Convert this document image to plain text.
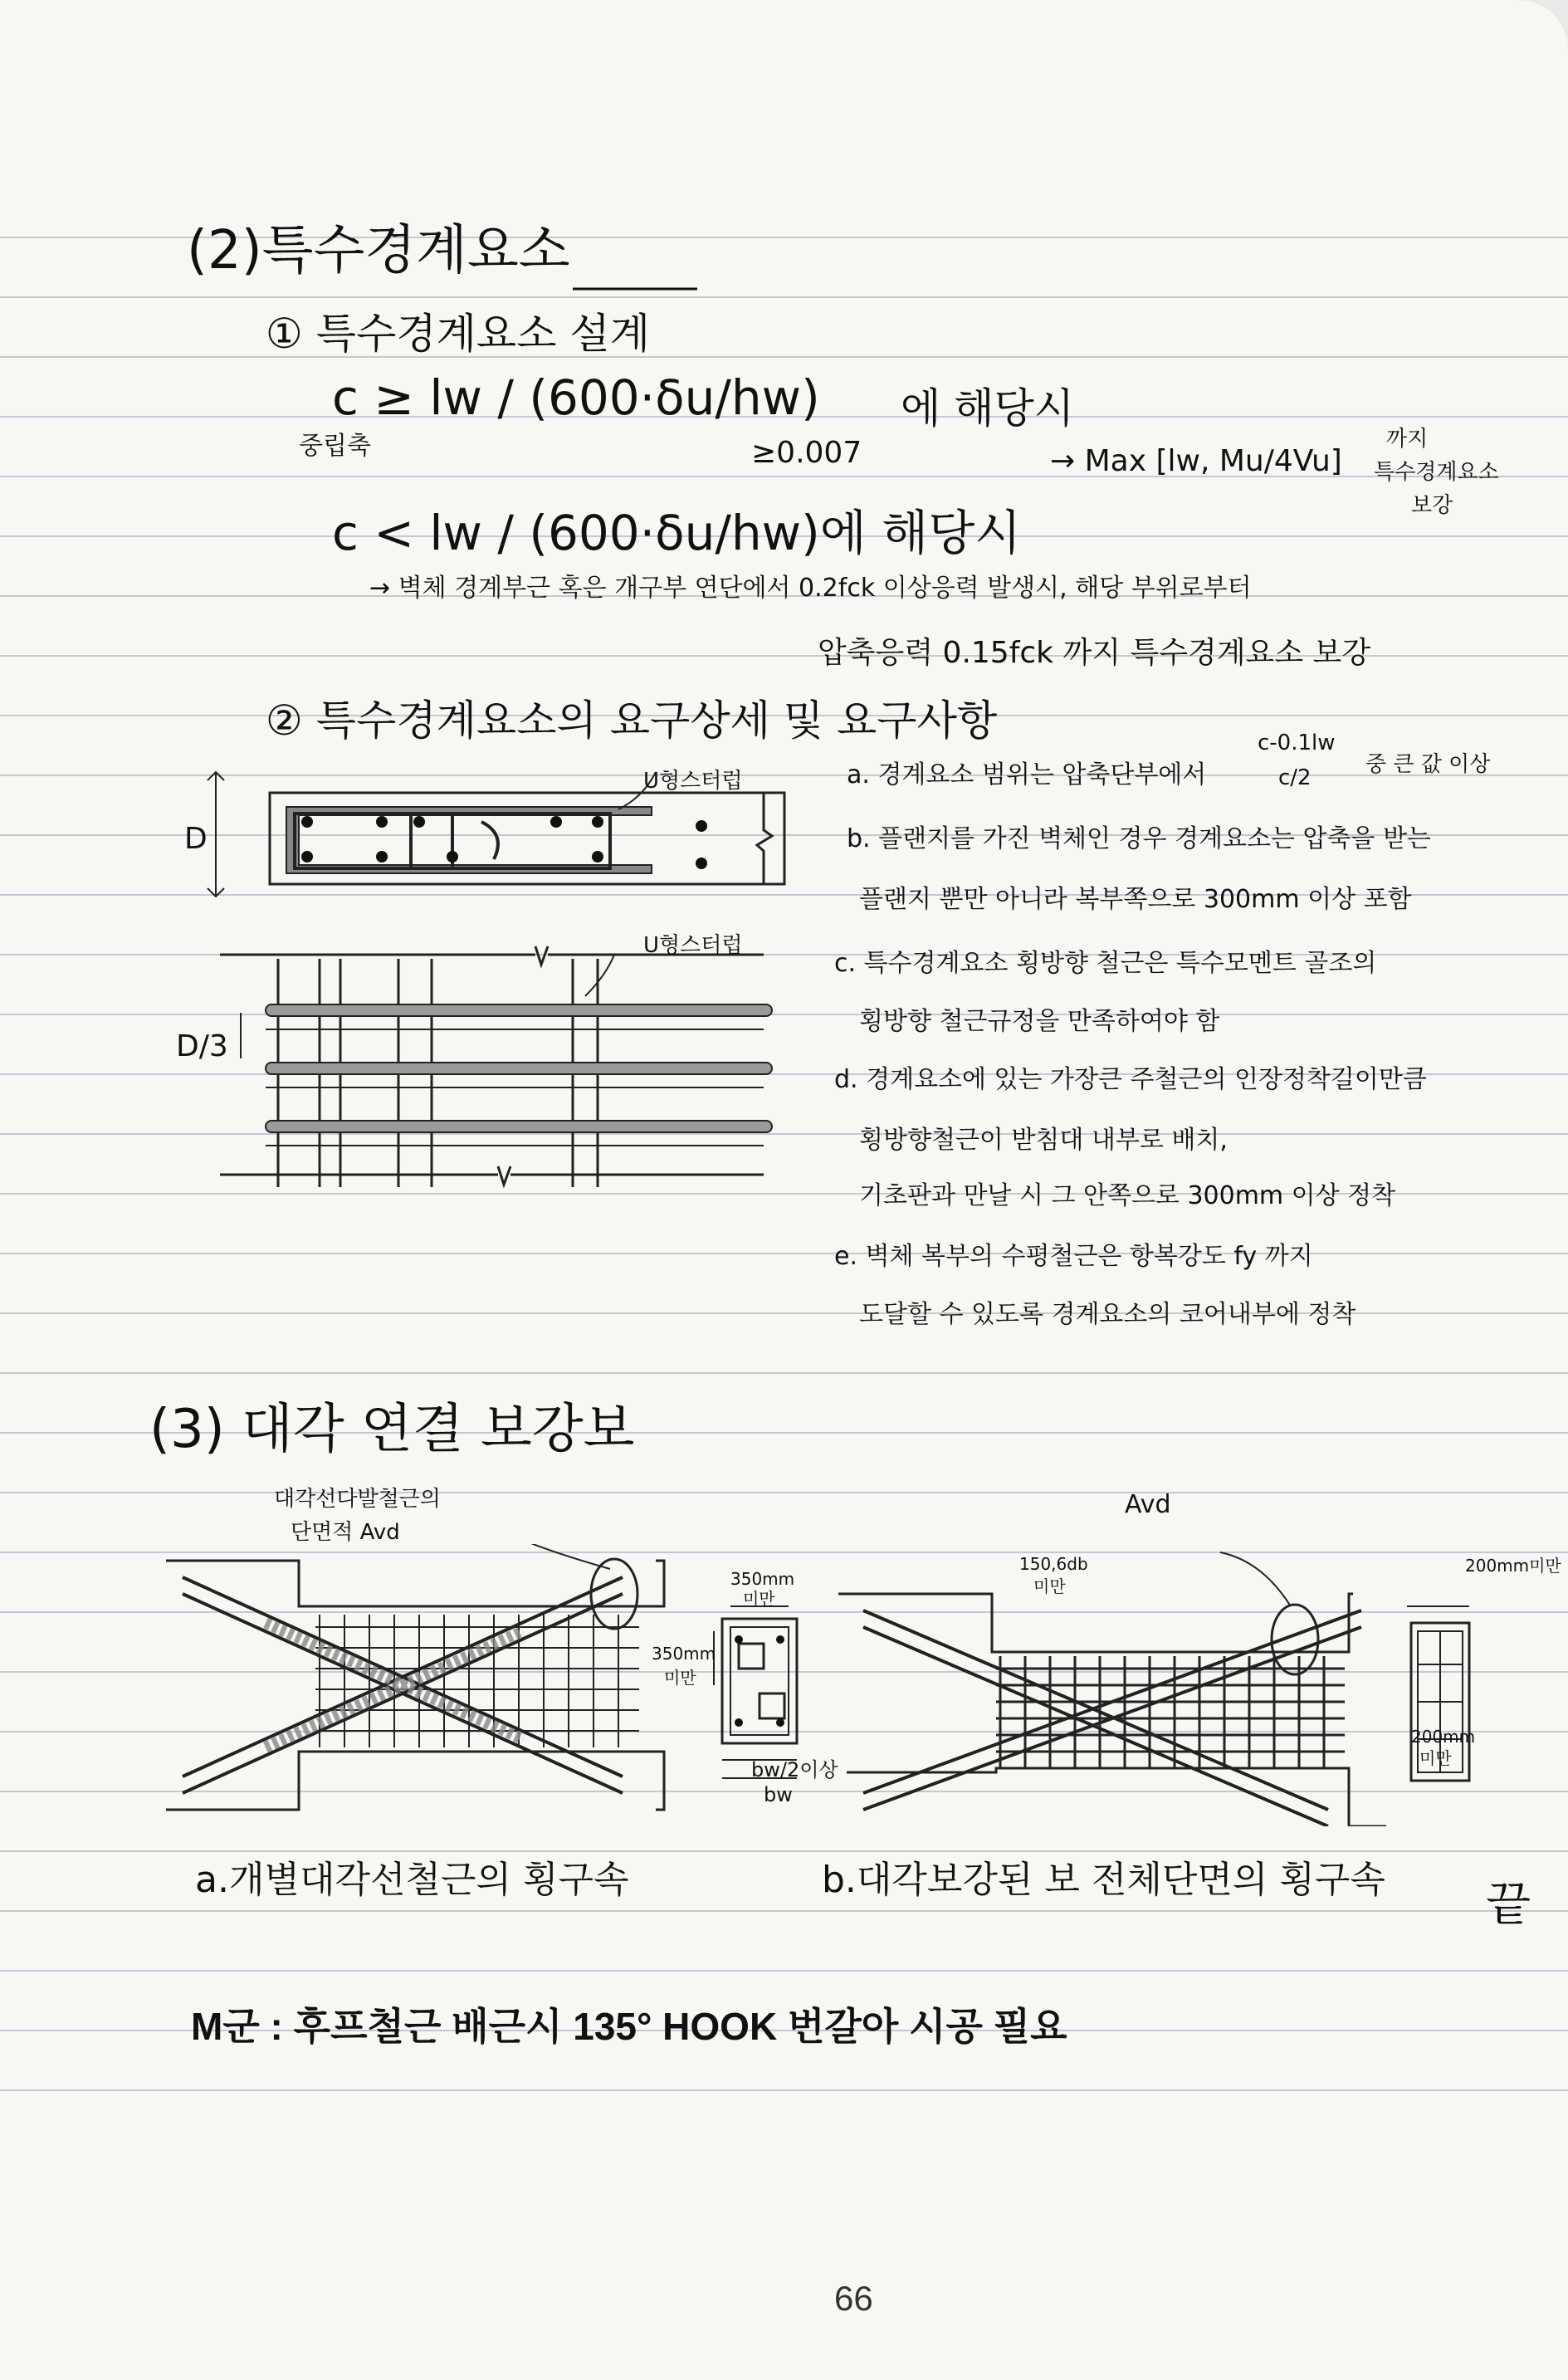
(2)특수경계요소
① 특수경계요소 설계
c ≥ lw / (600·δu/hw) 에 해당시
중립축	≥0.007	→ Max [lw, Mu/4Vu]
까지
특수경계요소
보강
c < lw / (600·δu/hw)에 해당시
→ 벽체 경계부근 혹은 개구부 연단에서 0.2fck 이상응력 발생시, 해당 부위로부터
압축응력 0.15fck 까지 특수경계요소 보강
② 특수경계요소의 요구상세 및 요구사항
U형스터럽
U형스터럽
D
D/3
a. 경계요소 범위는 압축단부에서
c-0.1lw
c/2
중 큰 값 이상
b. 플랜지를 가진 벽체인 경우 경계요소는 압축을 받는
플랜지 뿐만 아니라 복부쪽으로 300mm 이상 포함
c. 특수경계요소 횡방향 철근은 특수모멘트 골조의
횡방향 철근규정을 만족하여야 함
d. 경계요소에 있는 가장큰 주철근의 인장정착길이만큼
횡방향철근이 받침대 내부로 배치,
기초판과 만날 시 그 안쪽으로 300mm 이상 정착
e. 벽체 복부의 수평철근은 항복강도 fy 까지
도달할 수 있도록 경계요소의 코어내부에 정착
(3) 대각 연결 보강보
대각선다발철근의
단면적 Avd
350mm
미만
350mm
미만
bw/2이상
bw
Avd
150,6db
미만
200mm미만
200mm
미만
a.개별대각선철근의 횡구속	b.대각보강된 보 전체단면의 횡구속 끝
M군 : 후프철근 배근시 135° HOOK 번갈아 시공 필요
66
